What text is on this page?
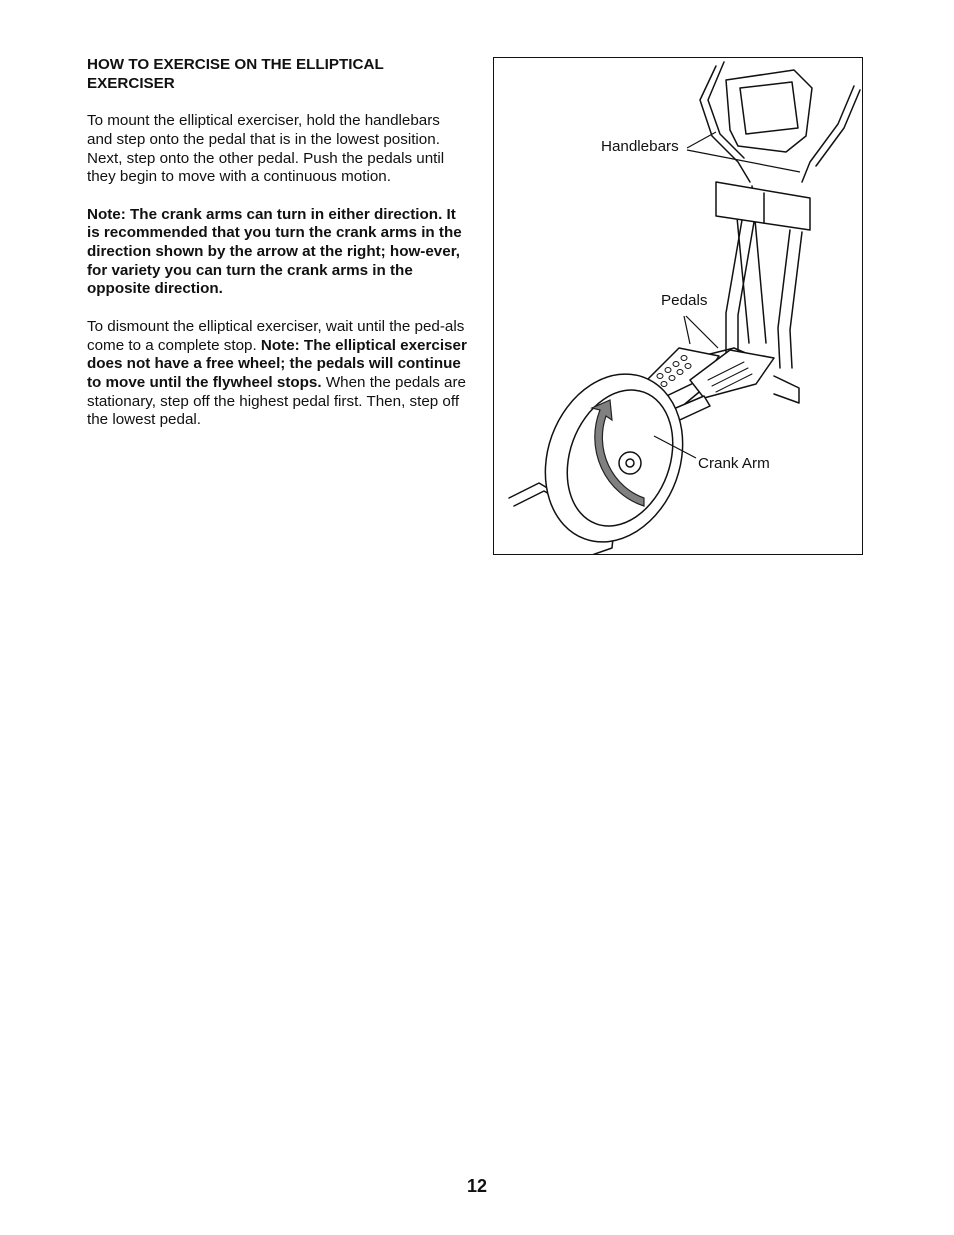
HOW TO EXERCISE ON THE ELLIPTICAL EXERCISER

To mount the elliptical exerciser, hold the handlebars and step onto the pedal that is in the lowest position. Next, step onto the other pedal. Push the pedals until they begin to move with a continuous motion.

Note: The crank arms can turn in either direction. It is recommended that you turn the crank arms in the direction shown by the arrow at the right; how-ever, for variety you can turn the crank arms in the opposite direction.

To dismount the elliptical exerciser, wait until the ped-als come to a complete stop. Note: The elliptical exerciser does not have a free wheel; the pedals will continue to move until the flywheel stops. When the pedals are stationary, step off the highest pedal first. Then, step off the lowest pedal.

Handlebars
Pedals
Crank Arm
12
